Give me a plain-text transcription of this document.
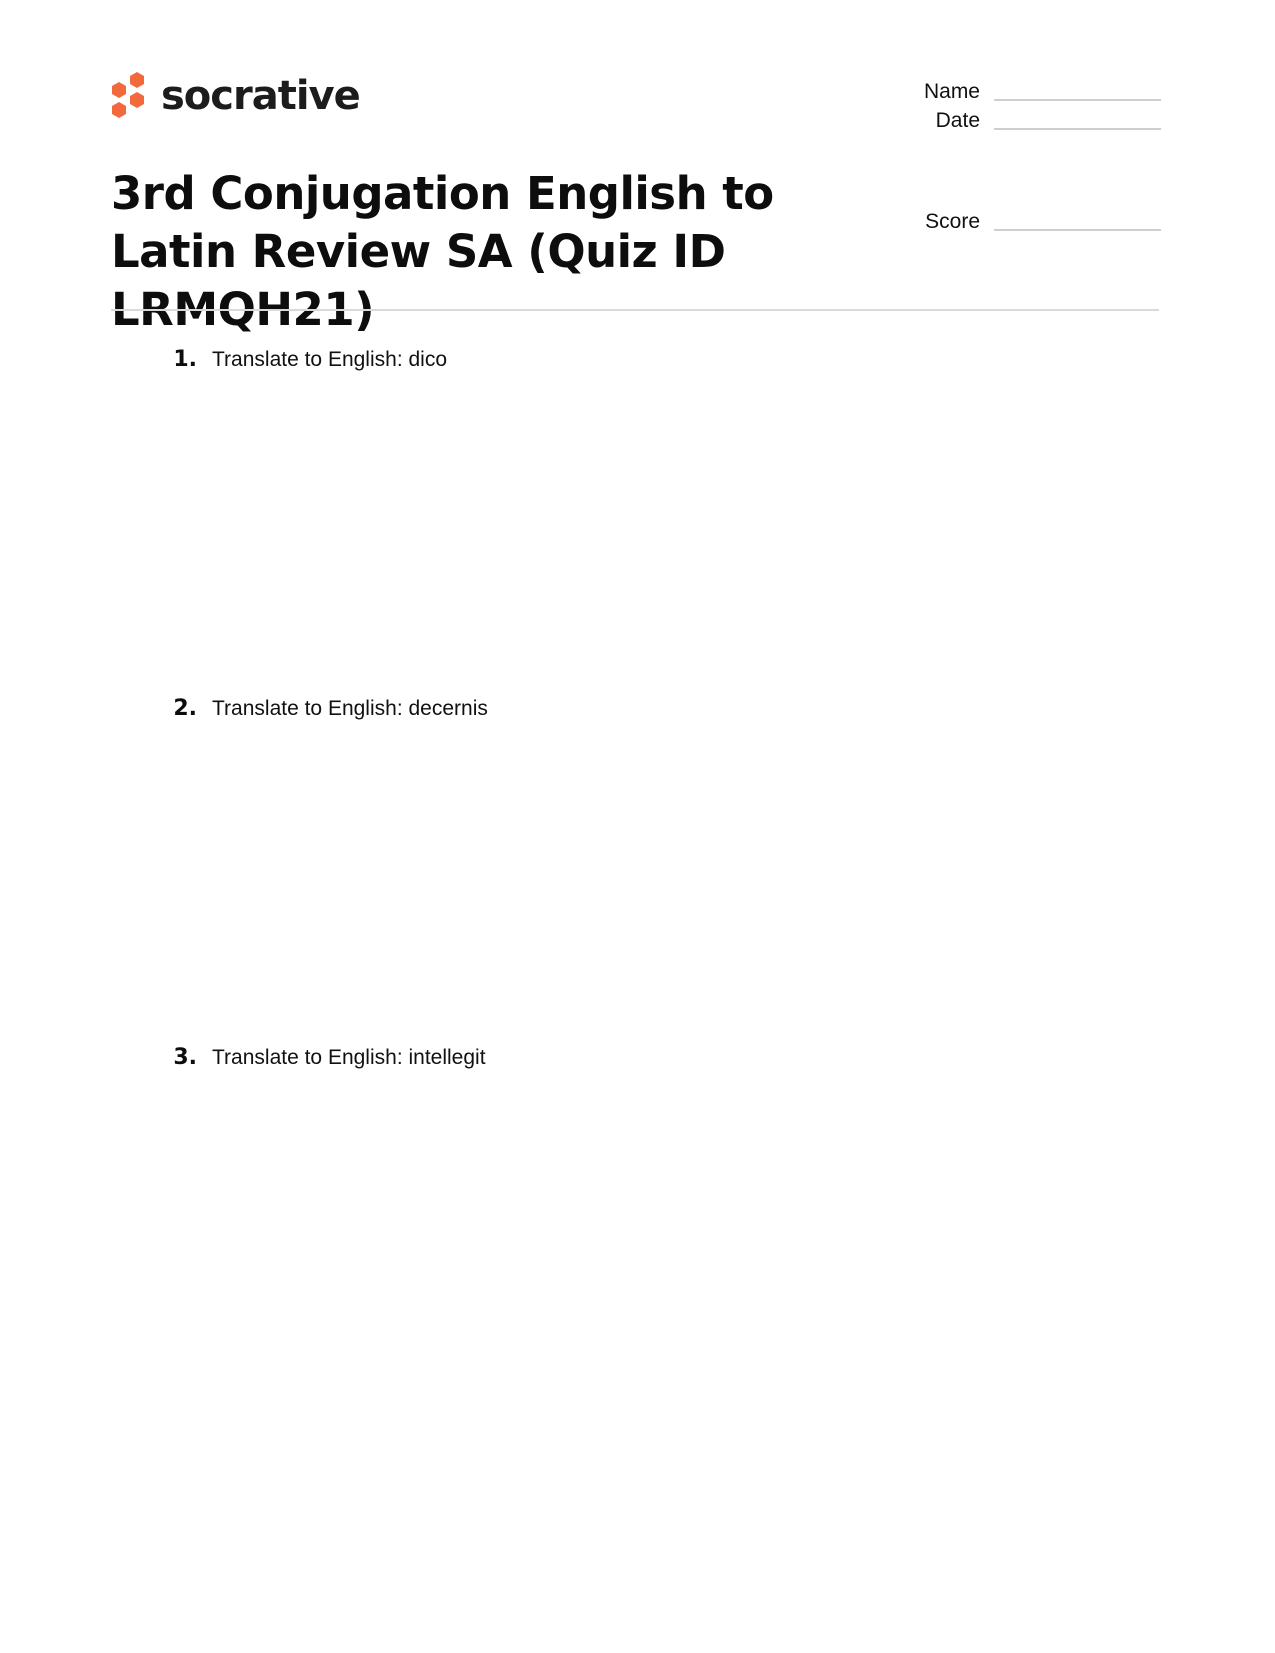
socrative	Name
Date
Score
3rd Conjugation English to Latin Review SA (Quiz ID LRMQH21)
1. Translate to English: dico
2. Translate to English: decernis
3. Translate to English: intellegit
